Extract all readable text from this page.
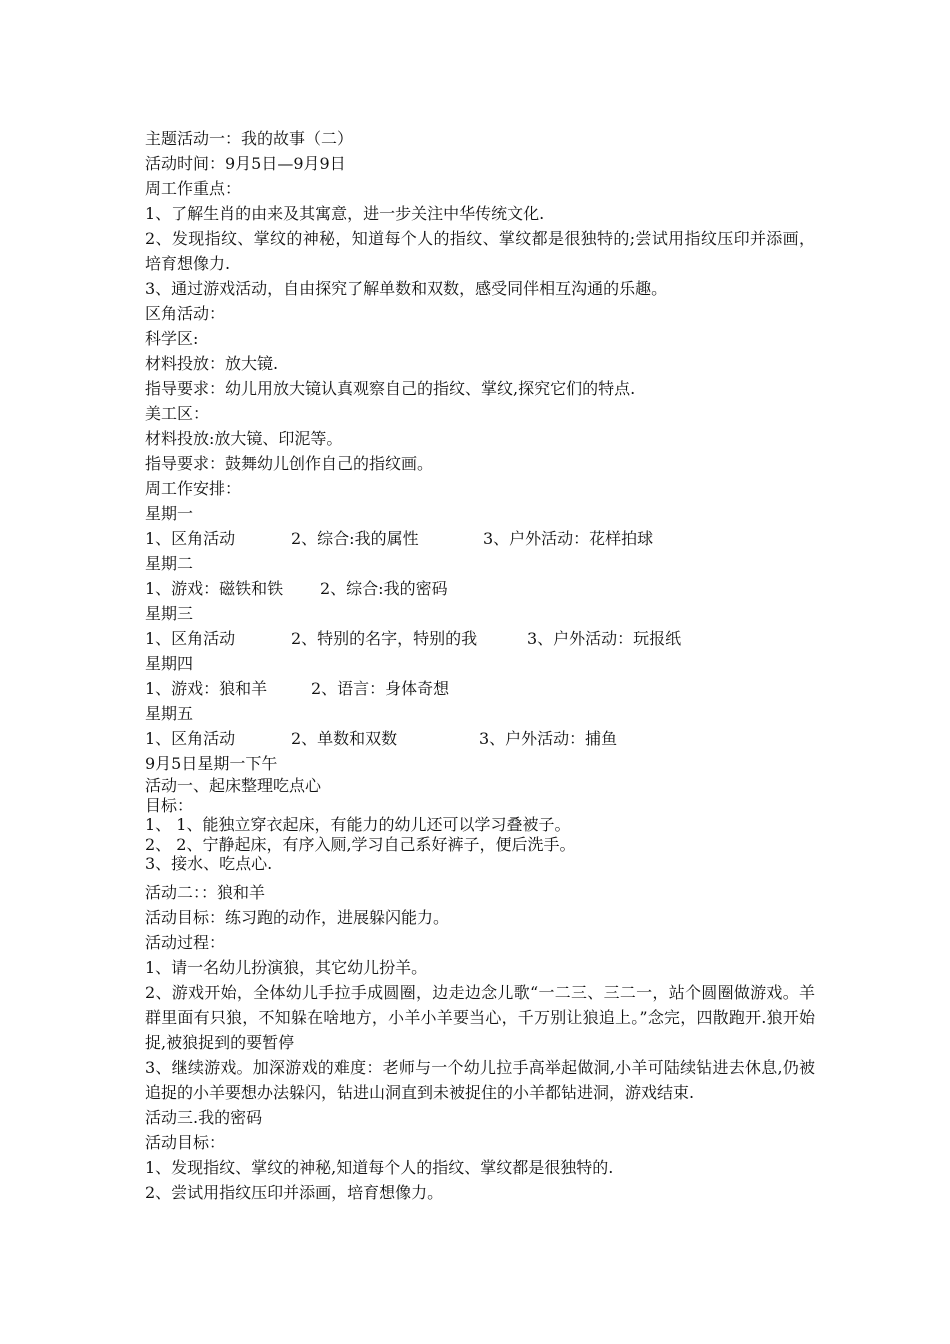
主题活动一：我的故事（二）
活动时间：9月5日—9月9日
周工作重点：
1、了解生肖的由来及其寓意，进一步关注中华传统文化.
2、发现指纹、掌纹的神秘，知道每个人的指纹、掌纹都是很独特的;尝试用指纹压印并添画，培育想像力.
3、通过游戏活动，自由探究了解单数和双数，感受同伴相互沟通的乐趣。
区角活动：
科学区:
材料投放：放大镜.
指导要求：幼儿用放大镜认真观察自己的指纹、掌纹,探究它们的特点.
美工区：
材料投放:放大镜、印泥等。
指导要求：鼓舞幼儿创作自己的指纹画。
周工作安排：
星期一
1、区角活动	2、综合:我的属性	3、户外活动：花样拍球
星期二
1、游戏：磁铁和铁	2、综合:我的密码
星期三
1、区角活动	2、特别的名字，特别的我	3、户外活动：玩报纸
星期四
1、游戏：狼和羊	2、语言：身体奇想
星期五
1、区角活动	2、单数和双数	3、户外活动：捕鱼
9月5日星期一下午
活动一、起床整理吃点心
目标：
1、 1、能独立穿衣起床，有能力的幼儿还可以学习叠被子。
2、 2、宁静起床，有序入厕,学习自己系好裤子，便后洗手。
3、接水、吃点心.
活动二：：狼和羊
活动目标：练习跑的动作，进展躲闪能力。
活动过程：
1、请一名幼儿扮演狼，其它幼儿扮羊。
2、游戏开始，全体幼儿手拉手成圆圈，边走边念儿歌“一二三、三二一，站个圆圈做游戏。羊群里面有只狼，不知躲在啥地方，小羊小羊要当心，千万别让狼追上。”念完，四散跑开.狼开始捉,被狼捉到的要暂停
3、继续游戏。加深游戏的难度：老师与一个幼儿拉手高举起做洞,小羊可陆续钻进去休息,仍被追捉的小羊要想办法躲闪，钻进山洞直到未被捉住的小羊都钻进洞，游戏结束.
活动三.我的密码
活动目标：
1、发现指纹、掌纹的神秘,知道每个人的指纹、掌纹都是很独特的.
2、尝试用指纹压印并添画，培育想像力。
